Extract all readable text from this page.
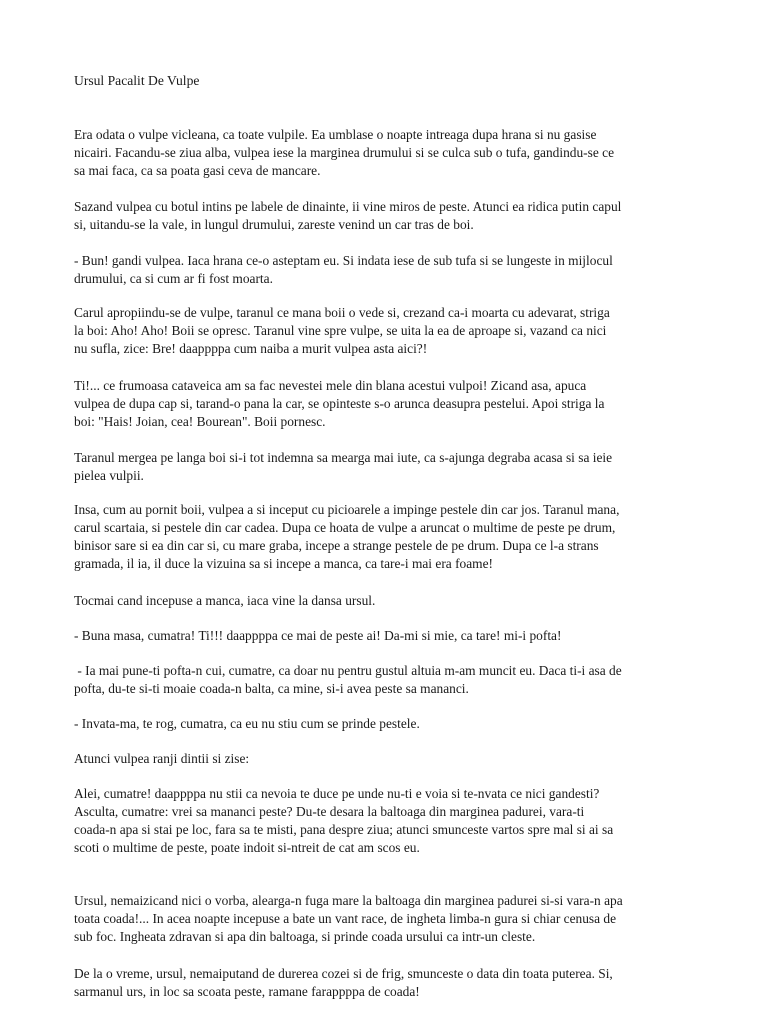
Ursul Pacalit De Vulpe

Era odata o vulpe vicleana, ca toate vulpile. Ea umblase o noapte intreaga dupa hrana si nu gasise
nicairi. Facandu-se ziua alba, vulpea iese la marginea drumului si se culca sub o tufa, gandindu-se ce
sa mai faca, ca sa poata gasi ceva de mancare.

Sazand vulpea cu botul intins pe labele de dinainte, ii vine miros de peste. Atunci ea ridica putin capul
si, uitandu-se la vale, in lungul drumului, zareste venind un car tras de boi.

- Bun! gandi vulpea. Iaca hrana ce-o asteptam eu. Si indata iese de sub tufa si se lungeste in mijlocul
drumului, ca si cum ar fi fost moarta.

Carul apropiindu-se de vulpe, taranul ce mana boii o vede si, crezand ca-i moarta cu adevarat, striga
la boi: Aho! Aho! Boii se opresc. Taranul vine spre vulpe, se uita la ea de aproape si, vazand ca nici
nu sufla, zice: Bre! daappppa cum naiba a murit vulpea asta aici?!

Ti!... ce frumoasa cataveica am sa fac nevestei mele din blana acestui vulpoi! Zicand asa, apuca
vulpea de dupa cap si, tarand-o pana la car, se opinteste s-o arunca deasupra pestelui. Apoi striga la
boi: "Hais! Joian, cea! Bourean". Boii pornesc.

Taranul mergea pe langa boi si-i tot indemna sa mearga mai iute, ca s-ajunga degraba acasa si sa ieie
pielea vulpii.

Insa, cum au pornit boii, vulpea a si inceput cu picioarele a impinge pestele din car jos. Taranul mana,
carul scartaia, si pestele din car cadea. Dupa ce hoata de vulpe a aruncat o multime de peste pe drum,
binisor sare si ea din car si, cu mare graba, incepe a strange pestele de pe drum. Dupa ce l-a strans
gramada, il ia, il duce la vizuina sa si incepe a manca, ca tare-i mai era foame!

Tocmai cand incepuse a manca, iaca vine la dansa ursul.

- Buna masa, cumatra! Ti!!! daappppa ce mai de peste ai! Da-mi si mie, ca tare! mi-i pofta!

- Ia mai pune-ti pofta-n cui, cumatre, ca doar nu pentru gustul altuia m-am muncit eu. Daca ti-i asa de
pofta, du-te si-ti moaie coada-n balta, ca mine, si-i avea peste sa mananci.

- Invata-ma, te rog, cumatra, ca eu nu stiu cum se prinde pestele.

Atunci vulpea ranji dintii si zise:

Alei, cumatre! daappppa nu stii ca nevoia te duce pe unde nu-ti e voia si te-nvata ce nici gandesti?
Asculta, cumatre: vrei sa mananci peste? Du-te desara la baltoaga din marginea padurei, vara-ti
coada-n apa si stai pe loc, fara sa te misti, pana despre ziua; atunci smunceste vartos spre mal si ai sa
scoti o multime de peste, poate indoit si-ntreit de cat am scos eu.

Ursul, nemaizicand nici o vorba, alearga-n fuga mare la baltoaga din marginea padurei si-si vara-n apa
toata coada!... In acea noapte incepuse a bate un vant race, de ingheta limba-n gura si chiar cenusa de
sub foc. Ingheata zdravan si apa din baltoaga, si prinde coada ursului ca intr-un cleste.

De la o vreme, ursul, nemaiputand de durerea cozei si de frig, smunceste o data din toata puterea. Si,
sarmanul urs, in loc sa scoata peste, ramane farappppa de coada!
